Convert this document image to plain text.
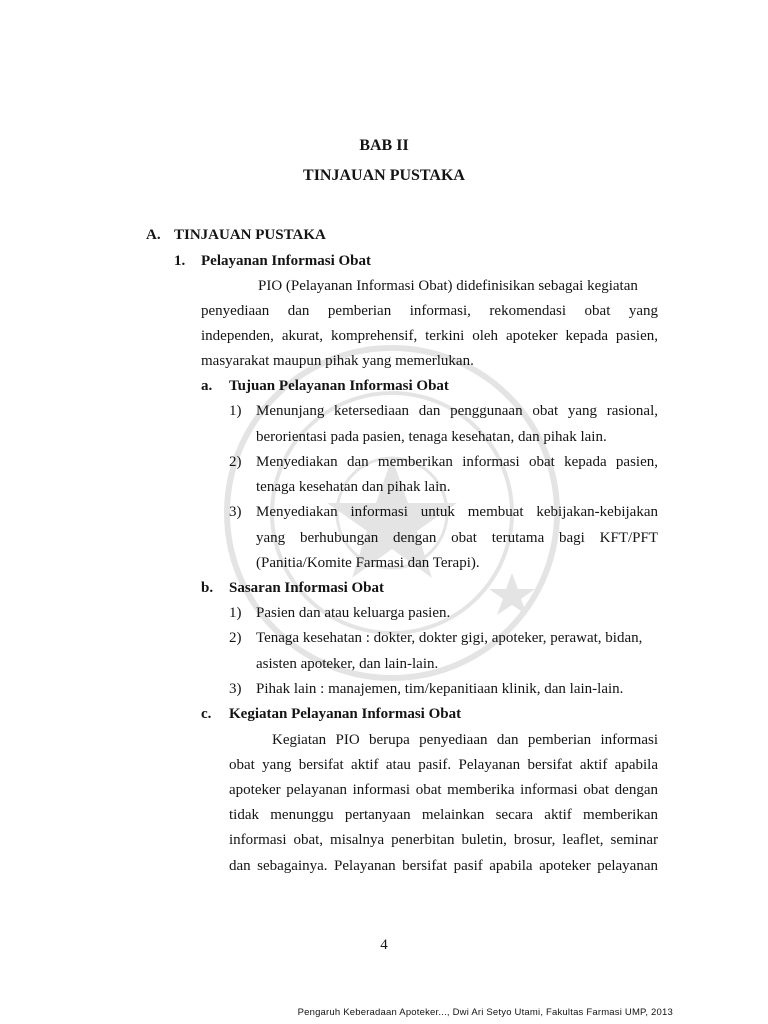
BAB II
TINJAUAN PUSTAKA
A. TINJAUAN PUSTAKA
1. Pelayanan Informasi Obat
PIO (Pelayanan Informasi Obat) didefinisikan sebagai kegiatan
penyediaan dan pemberian informasi, rekomendasi obat yang
independen, akurat, komprehensif, terkini oleh apoteker kepada pasien,
masyarakat maupun pihak yang memerlukan.
a. Tujuan Pelayanan Informasi Obat
1) Menunjang ketersediaan dan penggunaan obat yang rasional,
berorientasi pada pasien, tenaga kesehatan, dan pihak lain.
2) Menyediakan dan memberikan informasi obat kepada pasien,
tenaga kesehatan dan pihak lain.
3) Menyediakan informasi untuk membuat kebijakan-kebijakan
yang berhubungan dengan obat terutama bagi KFT/PFT
(Panitia/Komite Farmasi dan Terapi).
b. Sasaran Informasi Obat
1) Pasien dan atau keluarga pasien.
2) Tenaga kesehatan : dokter, dokter gigi, apoteker, perawat, bidan,
asisten apoteker, dan lain-lain.
3) Pihak lain : manajemen, tim/kepanitiaan klinik, dan lain-lain.
c. Kegiatan Pelayanan Informasi Obat
Kegiatan PIO berupa penyediaan dan pemberian informasi
obat yang bersifat aktif atau pasif. Pelayanan bersifat aktif apabila
apoteker pelayanan informasi obat memberika informasi obat dengan
tidak menunggu pertanyaan melainkan secara aktif memberikan
informasi obat, misalnya penerbitan buletin, brosur, leaflet, seminar
dan sebagainya. Pelayanan bersifat pasif apabila apoteker pelayanan
4
Pengaruh Keberadaan Apoteker..., Dwi Ari Setyo Utami, Fakultas Farmasi UMP, 2013
